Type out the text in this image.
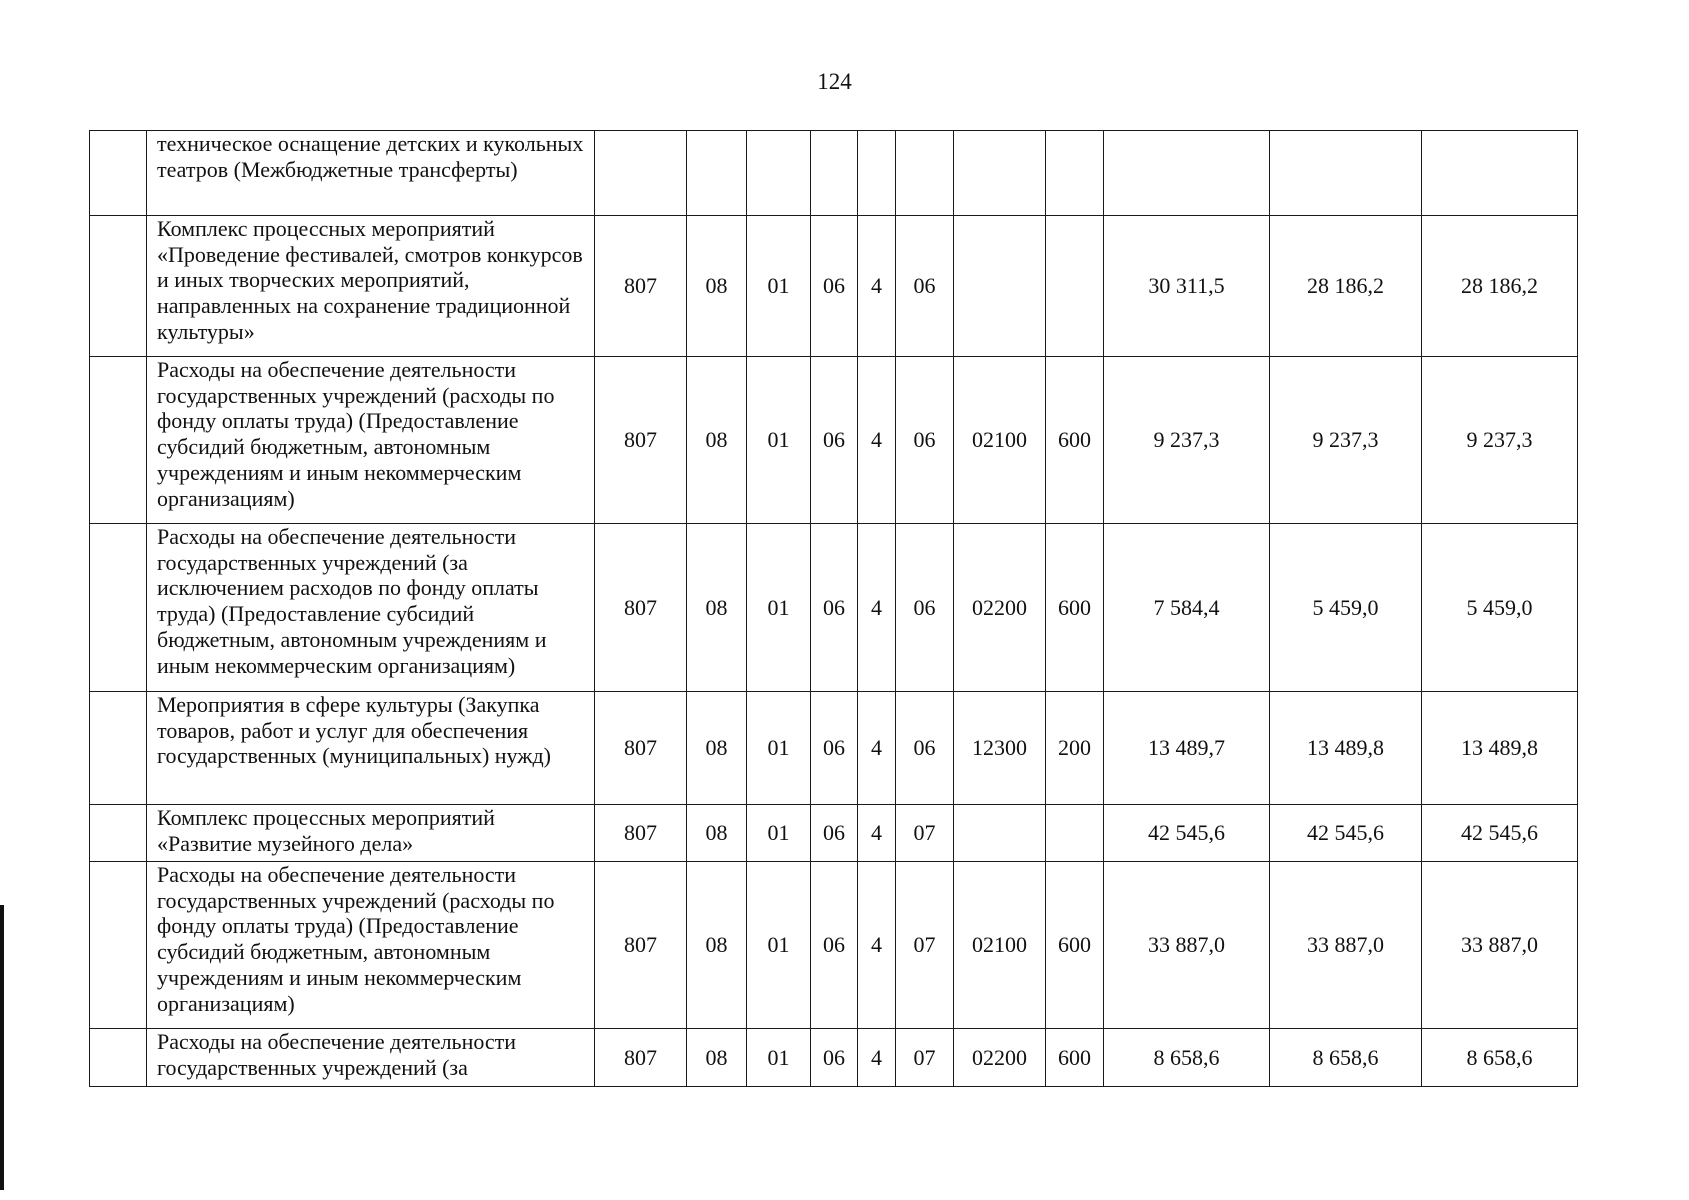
124
	техническое оснащение детских и кукольных театров (Межбюджетные трансферты)											
	Комплекс процессных мероприятий «Проведение фестивалей, смотров конкурсов и иных творческих мероприятий, направленных на сохранение традиционной культуры»	807	08	01	06	4	06			30 311,5	28 186,2	28 186,2
	Расходы на обеспечение деятельности государственных учреждений (расходы по фонду оплаты труда) (Предоставление субсидий бюджетным, автономным учреждениям и иным некоммерческим организациям)	807	08	01	06	4	06	02100	600	9 237,3	9 237,3	9 237,3
	Расходы на обеспечение деятельности государственных учреждений (за исключением расходов по фонду оплаты труда) (Предоставление субсидий бюджетным, автономным учреждениям и иным некоммерческим организациям)	807	08	01	06	4	06	02200	600	7 584,4	5 459,0	5 459,0
	Мероприятия в сфере культуры (Закупка товаров, работ и услуг для обеспечения государственных (муниципальных) нужд)	807	08	01	06	4	06	12300	200	13 489,7	13 489,8	13 489,8
	Комплекс процессных мероприятий «Развитие музейного дела»	807	08	01	06	4	07			42 545,6	42 545,6	42 545,6
	Расходы на обеспечение деятельности государственных учреждений (расходы по фонду оплаты труда) (Предоставление субсидий бюджетным, автономным учреждениям и иным некоммерческим организациям)	807	08	01	06	4	07	02100	600	33 887,0	33 887,0	33 887,0
	Расходы на обеспечение деятельности государственных учреждений (за	807	08	01	06	4	07	02200	600	8 658,6	8 658,6	8 658,6
